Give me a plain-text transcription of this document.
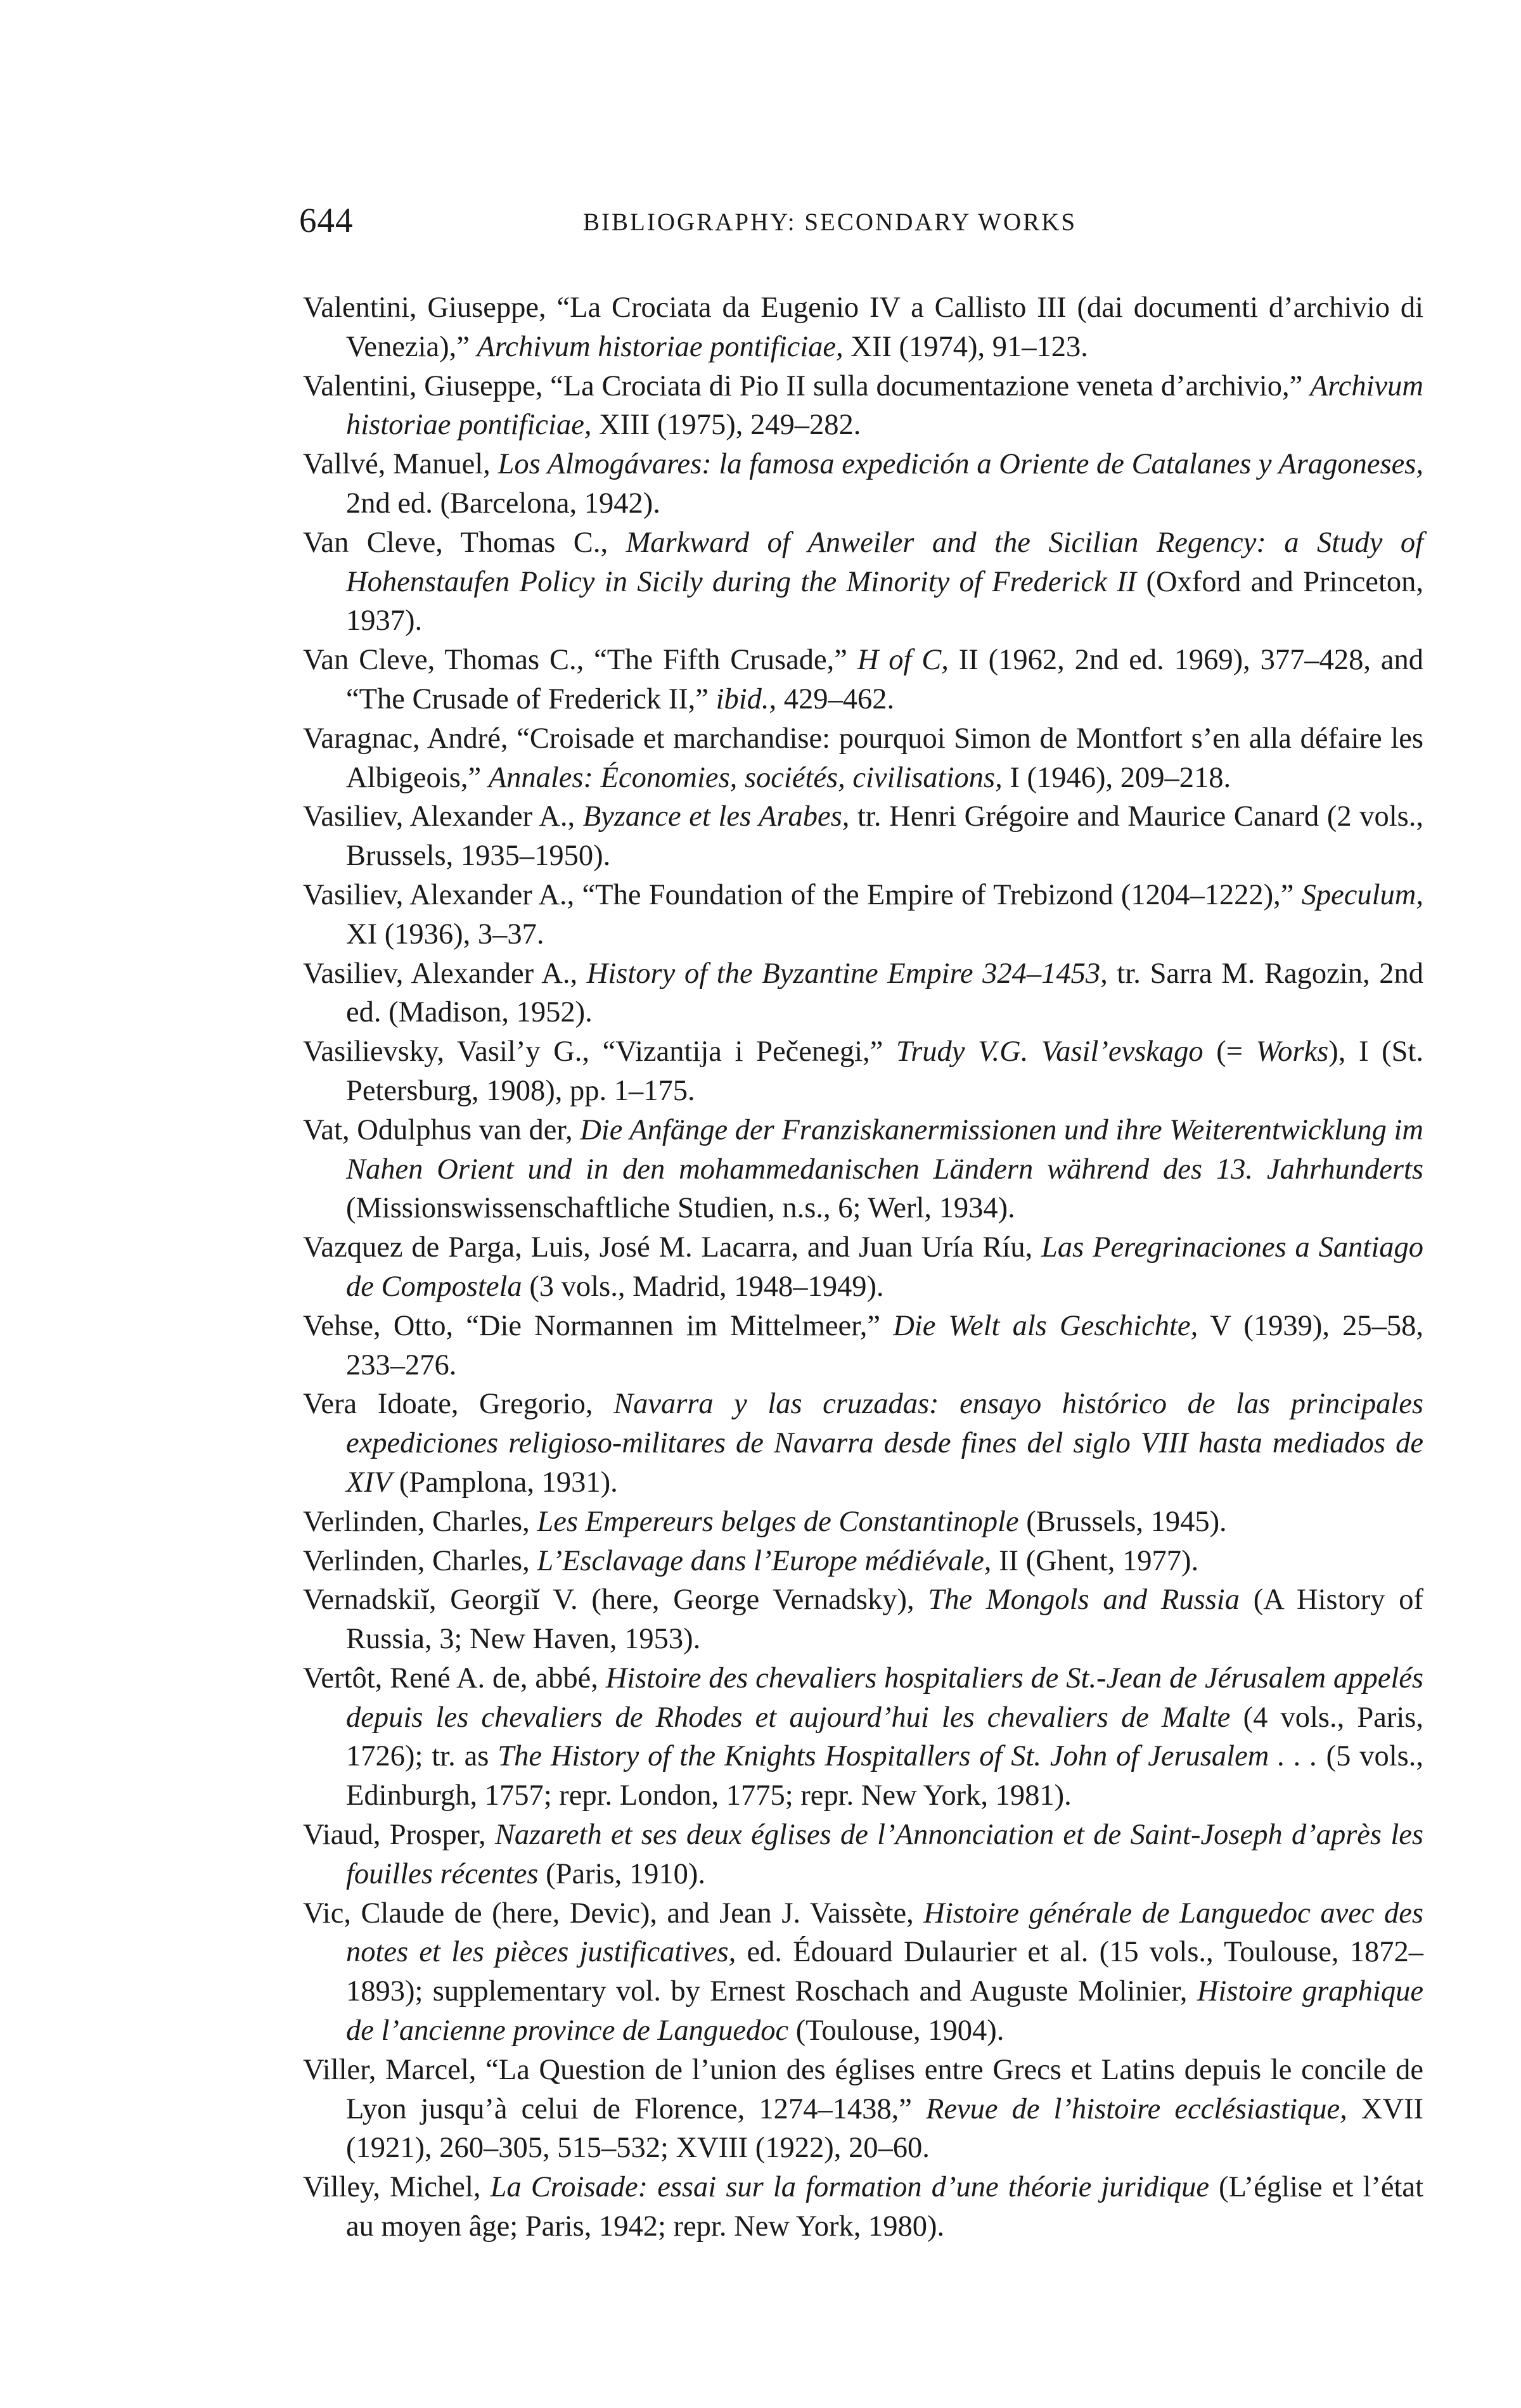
644	BIBLIOGRAPHY: SECONDARY WORKS
Valentini, Giuseppe, “La Crociata da Eugenio IV a Callisto III (dai documenti d’archivio di Venezia),” Archivum historiae pontificiae, XII (1974), 91–123.
Valentini, Giuseppe, “La Crociata di Pio II sulla documentazione veneta d’archivio,” Archivum historiae pontificiae, XIII (1975), 249–282.
Vallvé, Manuel, Los Almogávares: la famosa expedición a Oriente de Catalanes y Aragoneses, 2nd ed. (Barcelona, 1942).
Van Cleve, Thomas C., Markward of Anweiler and the Sicilian Regency: a Study of Hohenstaufen Policy in Sicily during the Minority of Frederick II (Oxford and Princeton, 1937).
Van Cleve, Thomas C., “The Fifth Crusade,” H of C, II (1962, 2nd ed. 1969), 377–428, and “The Crusade of Frederick II,” ibid., 429–462.
Varagnac, André, “Croisade et marchandise: pourquoi Simon de Montfort s’en alla défaire les Albigeois,” Annales: Économies, sociétés, civilisations, I (1946), 209–218.
Vasiliev, Alexander A., Byzance et les Arabes, tr. Henri Grégoire and Maurice Canard (2 vols., Brussels, 1935–1950).
Vasiliev, Alexander A., “The Foundation of the Empire of Trebizond (1204–1222),” Speculum, XI (1936), 3–37.
Vasiliev, Alexander A., History of the Byzantine Empire 324–1453, tr. Sarra M. Ragozin, 2nd ed. (Madison, 1952).
Vasilievsky, Vasil’y G., “Vizantija i Pečenegi,” Trudy V.G. Vasil’evskago (= Works), I (St. Petersburg, 1908), pp. 1–175.
Vat, Odulphus van der, Die Anfänge der Franziskanermissionen und ihre Weiterentwicklung im Nahen Orient und in den mohammedanischen Ländern während des 13. Jahrhunderts (Missionswissenschaftliche Studien, n.s., 6; Werl, 1934).
Vazquez de Parga, Luis, José M. Lacarra, and Juan Uría Ríu, Las Peregrinaciones a Santiago de Compostela (3 vols., Madrid, 1948–1949).
Vehse, Otto, “Die Normannen im Mittelmeer,” Die Welt als Geschichte, V (1939), 25–58, 233–276.
Vera Idoate, Gregorio, Navarra y las cruzadas: ensayo histórico de las principales expediciones religioso-militares de Navarra desde fines del siglo VIII hasta mediados de XIV (Pamplona, 1931).
Verlinden, Charles, Les Empereurs belges de Constantinople (Brussels, 1945).
Verlinden, Charles, L’Esclavage dans l’Europe médiévale, II (Ghent, 1977).
Vernadskiĭ, Georgiĭ V. (here, George Vernadsky), The Mongols and Russia (A History of Russia, 3; New Haven, 1953).
Vertôt, René A. de, abbé, Histoire des chevaliers hospitaliers de St.-Jean de Jérusalem appelés depuis les chevaliers de Rhodes et aujourd’hui les chevaliers de Malte (4 vols., Paris, 1726); tr. as The History of the Knights Hospitallers of St. John of Jerusalem . . . (5 vols., Edinburgh, 1757; repr. London, 1775; repr. New York, 1981).
Viaud, Prosper, Nazareth et ses deux églises de l’Annonciation et de Saint-Joseph d’après les fouilles récentes (Paris, 1910).
Vic, Claude de (here, Devic), and Jean J. Vaissète, Histoire générale de Languedoc avec des notes et les pièces justificatives, ed. Édouard Dulaurier et al. (15 vols., Toulouse, 1872–1893); supplementary vol. by Ernest Roschach and Auguste Molinier, Histoire graphique de l’ancienne province de Languedoc (Toulouse, 1904).
Viller, Marcel, “La Question de l’union des églises entre Grecs et Latins depuis le concile de Lyon jusqu’à celui de Florence, 1274–1438,” Revue de l’histoire ecclésiastique, XVII (1921), 260–305, 515–532; XVIII (1922), 20–60.
Villey, Michel, La Croisade: essai sur la formation d’une théorie juridique (L’église et l’état au moyen âge; Paris, 1942; repr. New York, 1980).
